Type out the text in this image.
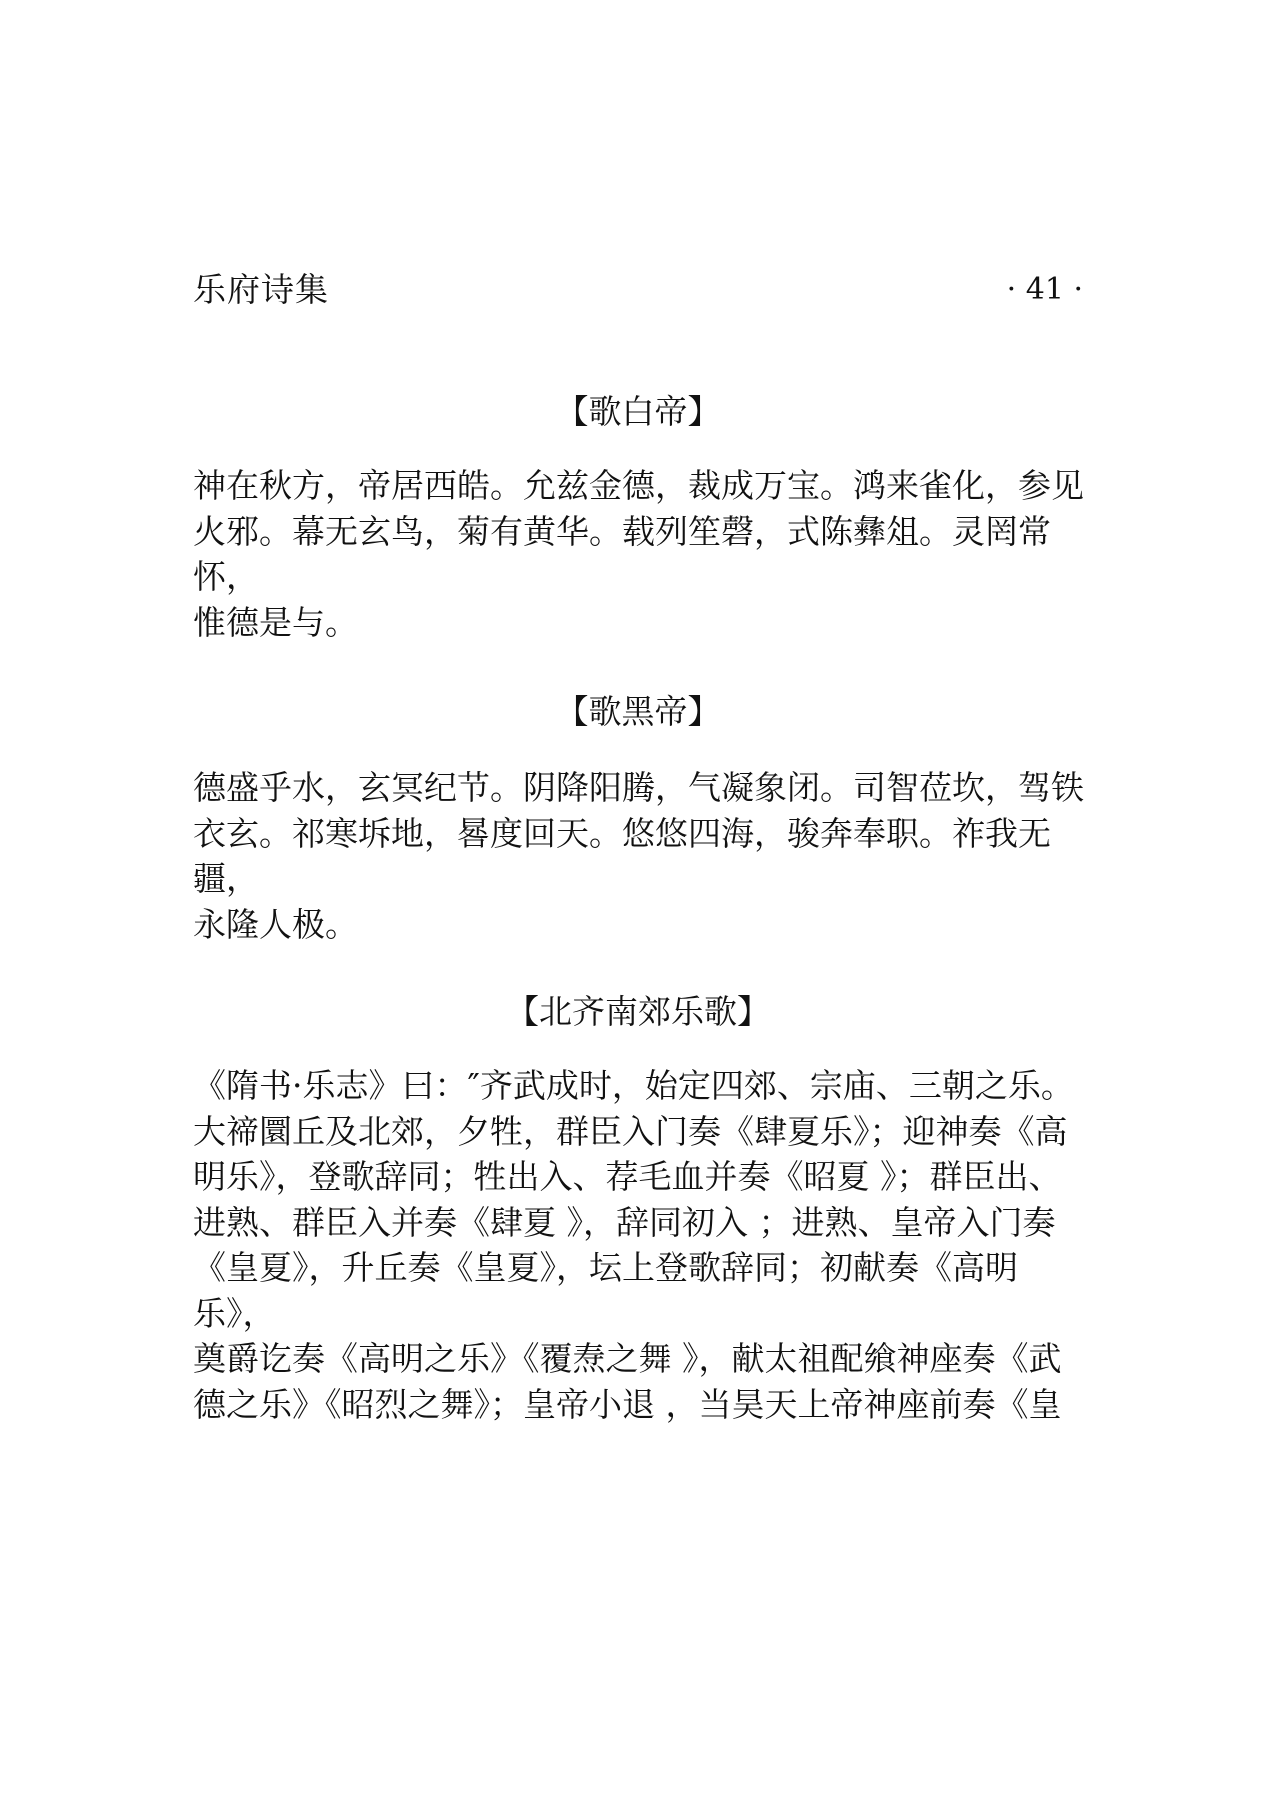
乐府诗集	· 41 ·
【歌白帝】

神在秋方，帝居西皓。允兹金德，裁成万宝。鸿来雀化，参见
火邪。幕无玄鸟，菊有黄华。载列笙磬，式陈彝俎。灵罔常怀，
惟德是与。

【歌黑帝】

德盛乎水，玄冥纪节。阴降阳腾，气凝象闭。司智莅坎，驾铁
衣玄。祁寒坼地，晷度回天。悠悠四海，骏奔奉职。祚我无疆，
永隆人极。

【北齐南郊乐歌】

《隋书·乐志》曰：″齐武成时，始定四郊、宗庙、三朝之乐。
大禘圜丘及北郊，夕牲，群臣入门奏《肆夏乐》；迎神奏《高
明乐》，登歌辞同；牲出入、荐毛血并奏《昭夏 》；群臣出、
进熟、群臣入并奏《肆夏 》，辞同初入 ；进熟、皇帝入门奏
《皇夏》，升丘奏《皇夏》，坛上登歌辞同；初献奏《高明乐》，
奠爵讫奏《高明之乐》《覆焘之舞 》，献太祖配飨神座奏《武
德之乐》《昭烈之舞》；皇帝小退 ，当昊天上帝神座前奏《皇
